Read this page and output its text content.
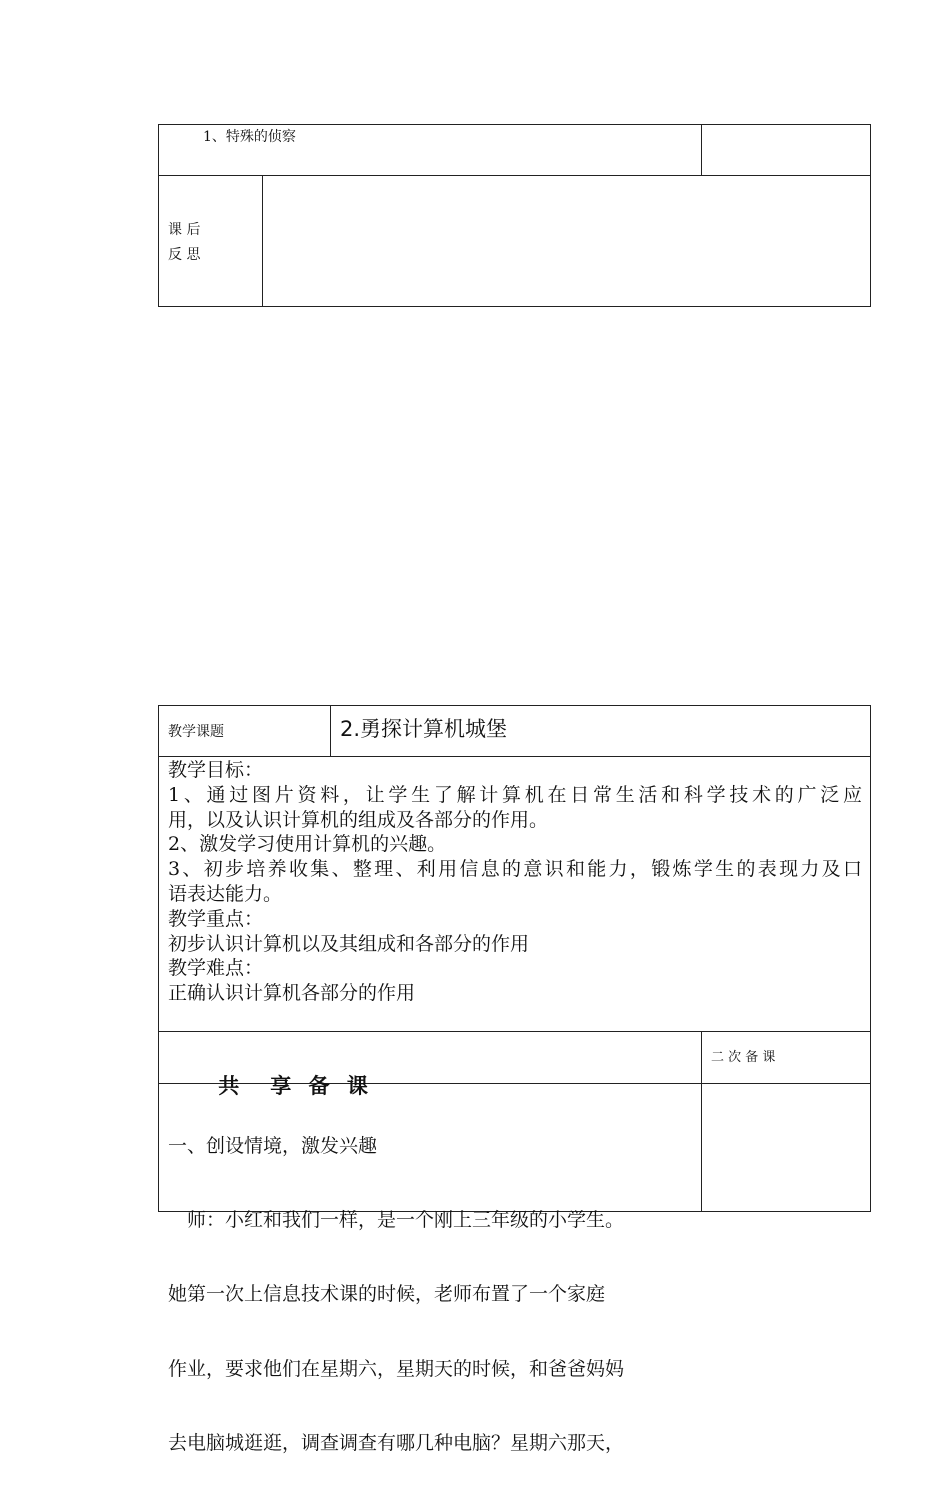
1、特殊的侦察
课 后
反 思
教学课题	2.勇探计算机城堡
教学目标：
1、通过图片资料，让学生了解计算机在日常生活和科学技术的广泛应
用，以及认识计算机的组成及各部分的作用。
2、激发学习使用计算机的兴趣。
3、初步培养收集、整理、利用信息的意识和能力，锻炼学生的表现力及口
语表达能力。
教学重点：
初步认识计算机以及其组成和各部分的作用
教学难点：
正确认识计算机各部分的作用

共　享 备 课

二 次 备 课

一、创设情境，激发兴趣

　师：小红和我们一样，是一个刚上三年级的小学生。

她第一次上信息技术课的时候，老师布置了一个家庭

作业，要求他们在星期六，星期天的时候，和爸爸妈妈

去电脑城逛逛，调查调查有哪几种电脑？星期六那天，
